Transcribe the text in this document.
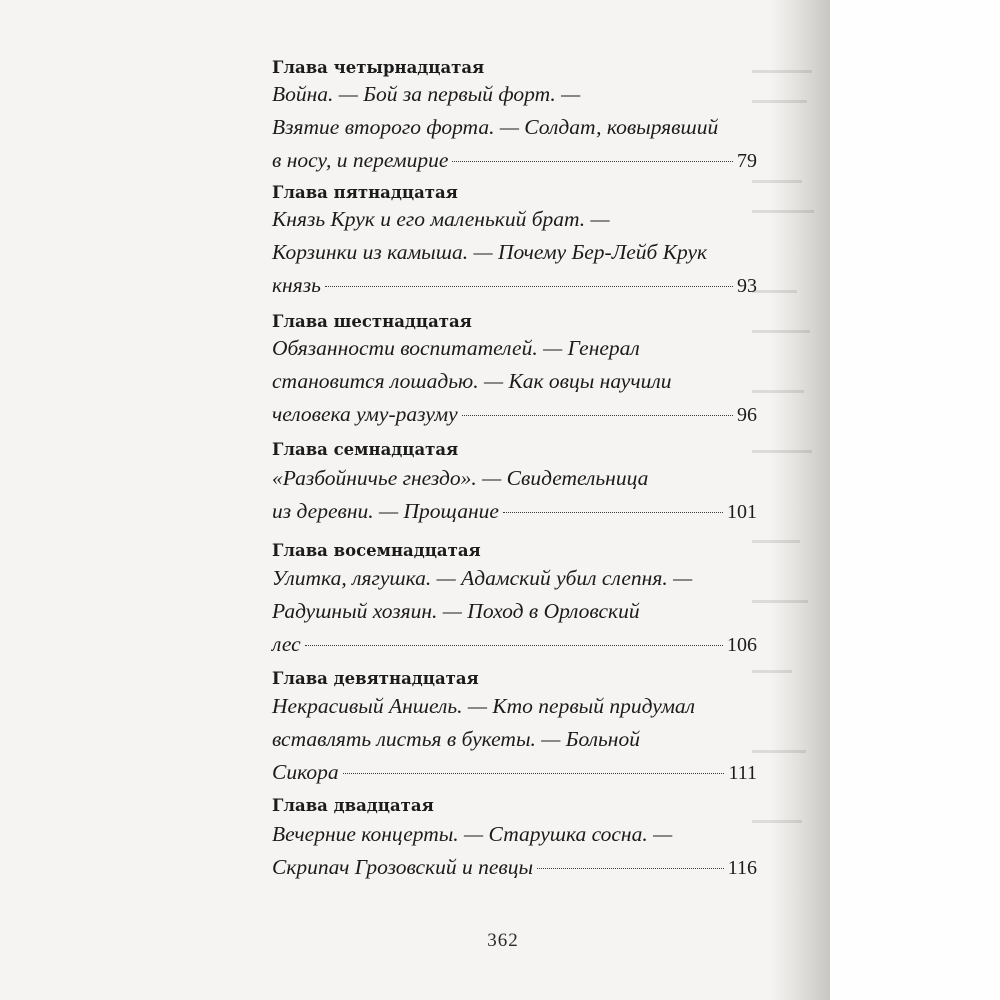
Глава четырнадцатая
Война. — Бой за первый форт. —
Взятие второго форта. — Солдат, ковырявший
в носу, и перемирие	79
Глава пятнадцатая
Князь Крук и его маленький брат. —
Корзинки из камыша. — Почему Бер-Лейб Крук
князь	93
Глава шестнадцатая
Обязанности воспитателей. — Генерал
становится лошадью. — Как овцы научили
человека уму-разуму	96
Глава семнадцатая
«Разбойничье гнездо». — Свидетельница
из деревни. — Прощание	101
Глава восемнадцатая
Улитка, лягушка. — Адамский убил слепня. —
Радушный хозяин. — Поход в Орловский
лес	106
Глава девятнадцатая
Некрасивый Аншель. — Кто первый придумал
вставлять листья в букеты. — Больной
Сикора	111
Глава двадцатая
Вечерние концерты. — Старушка сосна. —
Скрипач Грозовский и певцы	116
362
